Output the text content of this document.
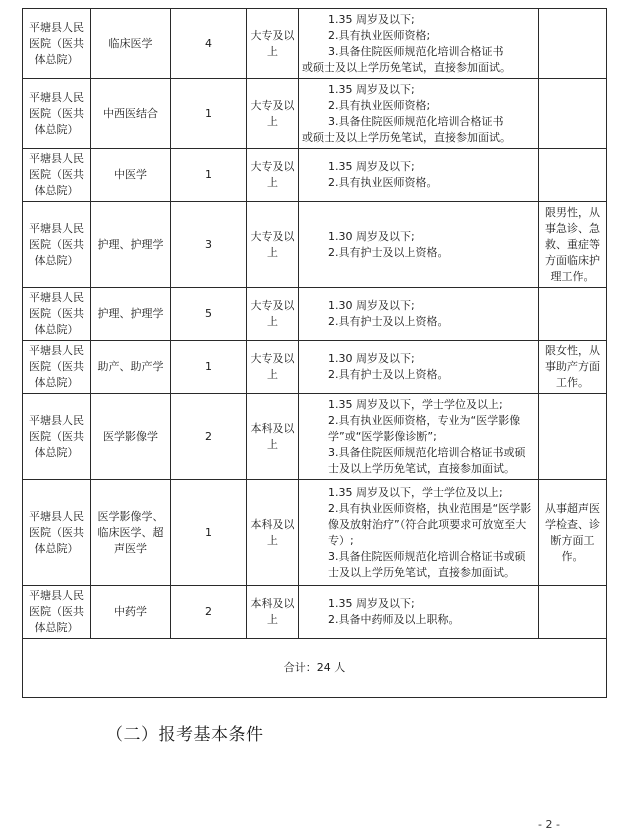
平塘县人民医院（医共体总院）	临床医学	4	大专及以上	1.35 周岁及以下;
2.具有执业医师资格;
3.具备住院医师规范化培训合格证书
或硕士及以上学历免笔试，直接参加面试。	

平塘县人民医院（医共体总院）	中西医结合	1	大专及以上	1.35 周岁及以下;
2.具有执业医师资格;
3.具备住院医师规范化培训合格证书
或硕士及以上学历免笔试，直接参加面试。	

平塘县人民医院（医共体总院）	中医学	1	大专及以上	1.35 周岁及以下;
2.具有执业医师资格。	

平塘县人民医院（医共体总院）	护理、护理学	3	大专及以上	1.30 周岁及以下;
2.具有护士及以上资格。	限男性，从事急诊、急救、重症等方面临床护理工作。
平塘县人民医院（医共体总院）	护理、护理学	5	大专及以上	1.30 周岁及以下;
2.具有护士及以上资格。	

平塘县人民医院（医共体总院）	助产、助产学	1	大专及以上	1.30 周岁及以下;
2.具有护士及以上资格。	限女性，从事助产方面工作。
平塘县人民医院（医共体总院）	医学影像学	2	本科及以上	1.35 周岁及以下，学士学位及以上;
2.具有执业医师资格，专业为“医学影像学”或“医学影像诊断”;
3.具备住院医师规范化培训合格证书或硕士及以上学历免笔试，直接参加面试。	

平塘县人民医院（医共体总院）	医学影像学、临床医学、超声医学	1	本科及以上	1.35 周岁及以下，学士学位及以上;
2.具有执业医师资格，执业范围是“医学影像及放射治疗”（符合此项要求可放宽至大专）;
3.具备住院医师规范化培训合格证书或硕士及以上学历免笔试，直接参加面试。	从事超声医学检查、诊断方面工作。
平塘县人民医院（医共体总院）	中药学	2	本科及以上	1.35 周岁及以下;
2.具备中药师及以上职称。	

合计：24 人					
（二）报考基本条件
- 2 -
